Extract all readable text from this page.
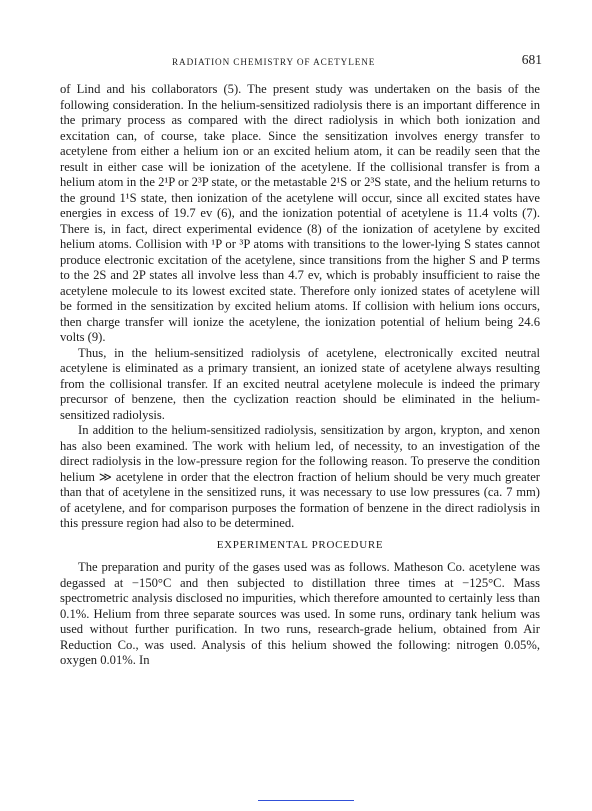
RADIATION CHEMISTRY OF ACETYLENE	681

of Lind and his collaborators (5). The present study was undertaken on the basis of the following consideration. In the helium-sensitized radiolysis there is an important difference in the primary process as compared with the direct radiolysis in which both ionization and excitation can, of course, take place. Since the sensitization involves energy transfer to acetylene from either a helium ion or an excited helium atom, it can be readily seen that the result in either case will be ionization of the acetylene. If the collisional transfer is from a helium atom in the 2¹P or 2³P state, or the metastable 2¹S or 2³S state, and the helium returns to the ground 1¹S state, then ionization of the acetylene will occur, since all excited states have energies in excess of 19.7 ev (6), and the ionization potential of acetylene is 11.4 volts (7). There is, in fact, direct experimental evidence (8) of the ionization of acetylene by excited helium atoms. Collision with ¹P or ³P atoms with transitions to the lower-lying S states cannot produce electronic excitation of the acetylene, since transitions from the higher S and P terms to the 2S and 2P states all involve less than 4.7 ev, which is probably insufficient to raise the acetylene molecule to its lowest excited state. Therefore only ionized states of acetylene will be formed in the sensitization by excited helium atoms. If collision with helium ions occurs, then charge transfer will ionize the acetylene, the ionization potential of helium being 24.6 volts (9).

Thus, in the helium-sensitized radiolysis of acetylene, electronically excited neutral acetylene is eliminated as a primary transient, an ionized state of acetylene always resulting from the collisional transfer. If an excited neutral acetylene molecule is indeed the primary precursor of benzene, then the cyclization reaction should be eliminated in the helium-sensitized radiolysis.

In addition to the helium-sensitized radiolysis, sensitization by argon, krypton, and xenon has also been examined. The work with helium led, of necessity, to an investigation of the direct radiolysis in the low-pressure region for the following reason. To preserve the condition helium ≫ acetylene in order that the electron fraction of helium should be very much greater than that of acetylene in the sensitized runs, it was necessary to use low pressures (ca. 7 mm) of acetylene, and for comparison purposes the formation of benzene in the direct radiolysis in this pressure region had also to be determined.

EXPERIMENTAL PROCEDURE

The preparation and purity of the gases used was as follows. Matheson Co. acetylene was degassed at −150°C and then subjected to distillation three times at −125°C. Mass spectrometric analysis disclosed no impurities, which therefore amounted to certainly less than 0.1%. Helium from three separate sources was used. In some runs, ordinary tank helium was used without further purification. In two runs, research-grade helium, obtained from Air Reduction Co., was used. Analysis of this helium showed the following: nitrogen 0.05%, oxygen 0.01%. In
